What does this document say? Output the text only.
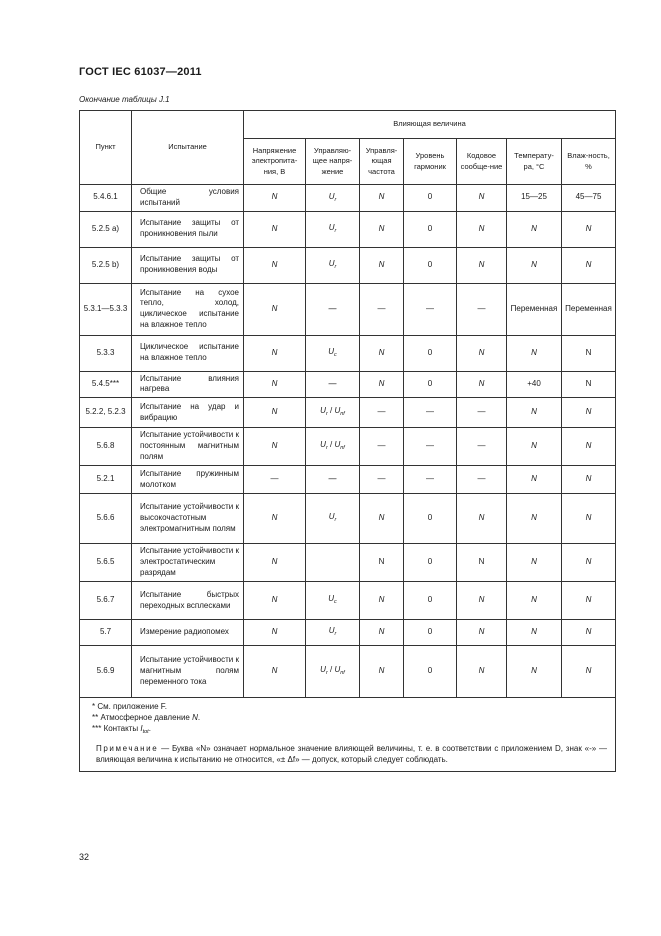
ГОСТ IEC 61037—2011
Окончание таблицы J.1
Пункт	Испытание	Влияющая величина						
		Напряжение электропита-ния, В	Управляю-щее напря-жение	Управля-ющая частота	Уровень гармоник	Кодовое сообще-ние	Температу-ра, °С	Влаж-ность, %
5.4.6.1	Общие условия испытаний	N	$U_r$	N	0	N	15—25	45—75
5.2.5 a)	Испытание защиты от проникновения пыли	N	$U_r$	N	0	N	N	N
5.2.5 b)	Испытание защиты от проникновения воды	N	$U_r$	N	0	N	N	N
5.3.1—5.3.3	Испытание на сухое тепло, холод, циклическое испытание на влажное тепло	N	—	—	—	—	Переменная	Переменная
5.3.3	Циклическое испытание на влажное тепло	N	$U_c$	N	0	N	N	N
5.4.5***	Испытание влияния нагрева	N	—	N	0	N	+40	N
5.2.2, 5.2.3	Испытание на удар и вибрацию	N	$U_r / U_{nf}$	—	—	—	N	N
5.6.8	Испытание устойчивости к постоянным магнитным полям	N	$U_r / U_{nf}$	—	—	—	N	N
5.2.1	Испытание пружинным молотком	—	—	—	—	—	N	N
5.6.6	Испытание устойчивости к высокочастотным электромагнитным полям	N	$U_r$	N	0	N	N	N
5.6.5	Испытание устойчивости к электростатическим разрядам	N		N	0	N	N	N
5.6.7	Испытание быстрых переходных всплесками	N	$U_c$	N	0	N	N	N
5.7	Измерение радиопомех	N	$U_r$	N	0	N	N	N
5.6.9	Испытание устойчивости к магнитным полям переменного тока	N	$U_r / U_{nf}$	N	0	N	N	N

* См. приложение F.
** Атмосферное давление N.
*** Контакты $I_{tot}$.
Примечание — Буква «N» означает нормальное значение влияющей величины, т. е. в соответствии с приложением D, знак «-» — влияющая величина к испытанию не относится, «± Δf» — допуск, который следует соблюдать.								
32
